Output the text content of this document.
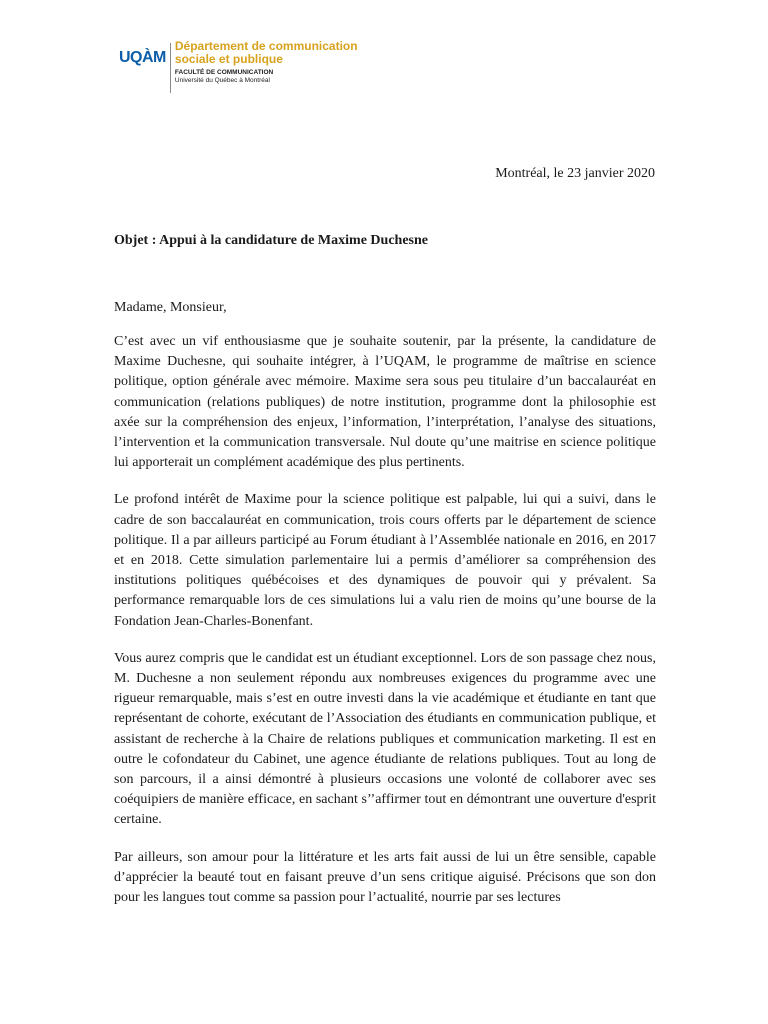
UQÀM
Département de communication
sociale et publique
FACULTÉ DE COMMUNICATION
Université du Québec à Montréal
Montréal, le 23 janvier 2020
Objet : Appui à la candidature de Maxime Duchesne
Madame, Monsieur,

C’est avec un vif enthousiasme que je souhaite soutenir, par la présente, la candidature de Maxime Duchesne, qui souhaite intégrer, à l’UQAM, le programme de maîtrise en science politique, option générale avec mémoire. Maxime sera sous peu titulaire d’un baccalauréat en communication (relations publiques) de notre institution, programme dont la philosophie est axée sur la compréhension des enjeux, l’information, l’interprétation, l’analyse des situations, l’intervention et la communication transversale. Nul doute qu’une maitrise en science politique lui apporterait un complément académique des plus pertinents.

Le profond intérêt de Maxime pour la science politique est palpable, lui qui a suivi, dans le cadre de son baccalauréat en communication, trois cours offerts par le département de science politique. Il a par ailleurs participé au Forum étudiant à l’Assemblée nationale en 2016, en 2017 et en 2018. Cette simulation parlementaire lui a permis d’améliorer sa compréhension des institutions politiques québécoises et des dynamiques de pouvoir qui y prévalent. Sa performance remarquable lors de ces simulations lui a valu rien de moins qu’une bourse de la Fondation Jean-Charles-Bonenfant.

Vous aurez compris que le candidat est un étudiant exceptionnel. Lors de son passage chez nous, M. Duchesne a non seulement répondu aux nombreuses exigences du programme avec une rigueur remarquable, mais s’est en outre investi dans la vie académique et étudiante en tant que représentant de cohorte, exécutant de l’Association des étudiants en communication publique, et assistant de recherche à la Chaire de relations publiques et communication marketing. Il est en outre le cofondateur du Cabinet, une agence étudiante de relations publiques. Tout au long de son parcours, il a ainsi démontré à plusieurs occasions une volonté de collaborer avec ses coéquipiers de manière efficace, en sachant s’’affirmer tout en démontrant une ouverture d'esprit certaine.

Par ailleurs, son amour pour la littérature et les arts fait aussi de lui un être sensible, capable d’apprécier la beauté tout en faisant preuve d’un sens critique aiguisé. Précisons que son don pour les langues tout comme sa passion pour l’actualité, nourrie par ses lectures
